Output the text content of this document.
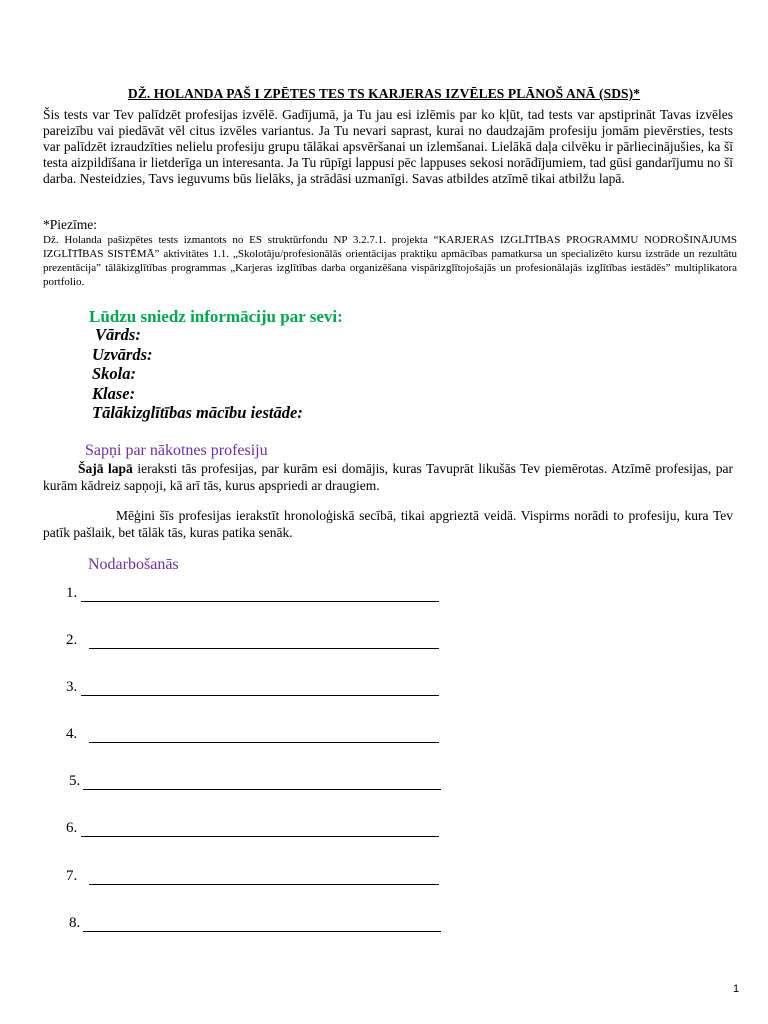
DŽ. HOLANDA PAŠ I ZPĒTES TES TS KARJERAS IZVĒLES PLĀNOŠ ANĀ (SDS)*
Šis tests var Tev palīdzēt profesijas izvēlē. Gadījumā, ja Tu jau esi izlēmis par ko kļūt, tad tests var apstiprināt Tavas izvēles pareizību vai piedāvāt vēl citus izvēles variantus. Ja Tu nevari saprast, kurai no daudzajām profesiju jomām pievērsties, tests var palīdzēt izraudzīties nelielu profesiju grupu tālākai apsvēršanai un izlemšanai. Lielākā daļa cilvēku ir pārliecinājušies, ka šī testa aizpildīšana ir lietderīga un interesanta. Ja Tu rūpīgi lappusi pēc lappuses sekosi norādījumiem, tad gūsi gandarījumu no šī darba. Nesteidzies, Tavs ieguvums būs lielāks, ja strādāsi uzmanīgi. Savas atbildes atzīmē tikai atbilžu lapā.
*Piezīme:
Dž. Holanda pašizpētes tests izmantots no ES struktūrfondu NP 3.2.7.1. projekta “KARJERAS IZGLĪTĪBAS PROGRAMMU NODROŠINĀJUMS IZGLĪTĪBAS SISTĒMĀ” aktivitātes 1.1. „Skolotāju/profesionālās orientācijas praktiķu apmācības pamatkursa un specializēto kursu izstrāde un rezultātu prezentācija” tālākizglītības programmas „Karjeras izglītības darba organizēšana vispārizglītojošajās un profesionālajās izglītības iestādēs” multiplikatora portfolio.
Lūdzu sniedz informāciju par sevi:
Vārds:
Uzvārds:
Skola:
Klase:
Tālākizglītības mācību iestāde:
Sapņi par nākotnes profesiju
Šajā lapā ieraksti tās profesijas, par kurām esi domājis, kuras Tavuprāt likušās Tev piemērotas. Atzīmē profesijas, par kurām kādreiz sapņoji, kā arī tās, kurus apspriedi ar draugiem.
Mēģini šīs profesijas ierakstīt hronoloģiskā secībā, tikai apgrieztā veidā. Vispirms norādi to profesiju, kura Tev patīk pašlaik, bet tālāk tās, kuras patika senāk.
Nodarbošanās
1.
2.
3.
4.
5.
6.
7.
8.
1
